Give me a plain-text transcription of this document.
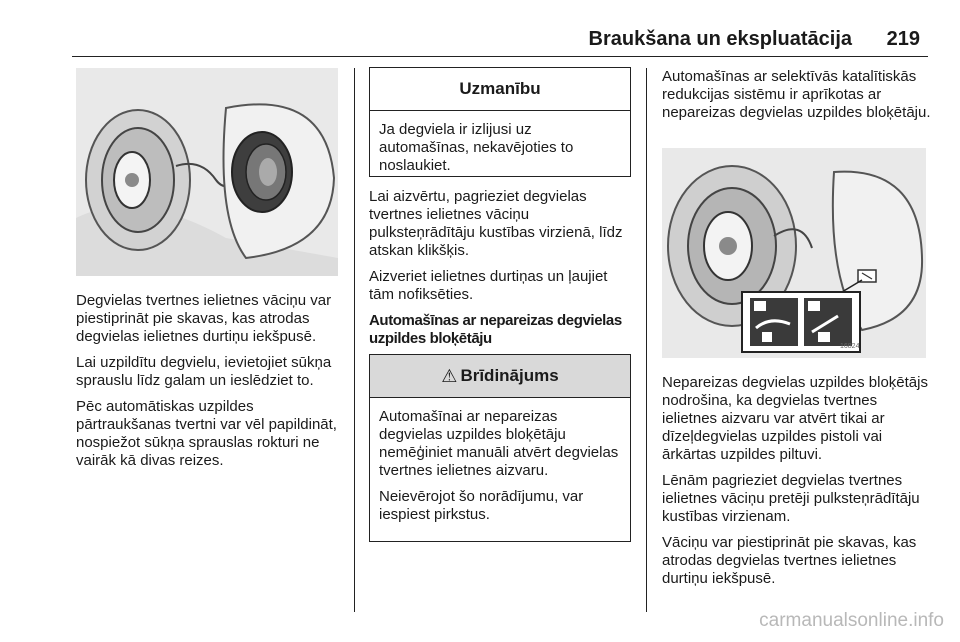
Braukšana un ekspluatācija 219

Degvielas tvertnes ielietnes vāciņu var piestiprināt pie skavas, kas atrodas degvielas ielietnes durtiņu iekšpusē.

Lai uzpildītu degvielu, ievietojiet sūkņa sprauslu līdz galam un ieslēdziet to.

Pēc automātiskas uzpildes pārtraukšanas tvertni var vēl papildināt, nospiežot sūkņa sprauslas rokturi ne vairāk kā divas reizes.

Uzmanību

Ja degviela ir izlijusi uz automašīnas, nekavējoties to noslaukiet.

Lai aizvērtu, pagrieziet degvielas tvertnes ielietnes vāciņu pulksteņrādītāju kustības virzienā, līdz atskan klikšķis.

Aizveriet ielietnes durtiņas un ļaujiet tām nofiksēties.

Automašīnas ar nepareizas degvielas uzpildes bloķētāju

⚠ Brīdinājums

Automašīnai ar nepareizas degvielas uzpildes bloķētāju nemēģiniet manuāli atvērt degvielas tvertnes ielietnes aizvaru.

Neievērojot šo norādījumu, var iespiest pirkstus.

Automašīnas ar selektīvās katalītiskās redukcijas sistēmu ir aprīkotas ar nepareizas degvielas uzpildes bloķētāju.

16824

Nepareizas degvielas uzpildes bloķētājs nodrošina, ka degvielas tvertnes ielietnes aizvaru var atvērt tikai ar dīzeļdegvielas uzpildes pistoli vai ārkārtas uzpildes piltuvi.

Lēnām pagrieziet degvielas tvertnes ielietnes vāciņu pretēji pulksteņrādītāju kustības virzienam.

Vāciņu var piestiprināt pie skavas, kas atrodas degvielas tvertnes ielietnes durtiņu iekšpusē.

carmanualsonline.info
